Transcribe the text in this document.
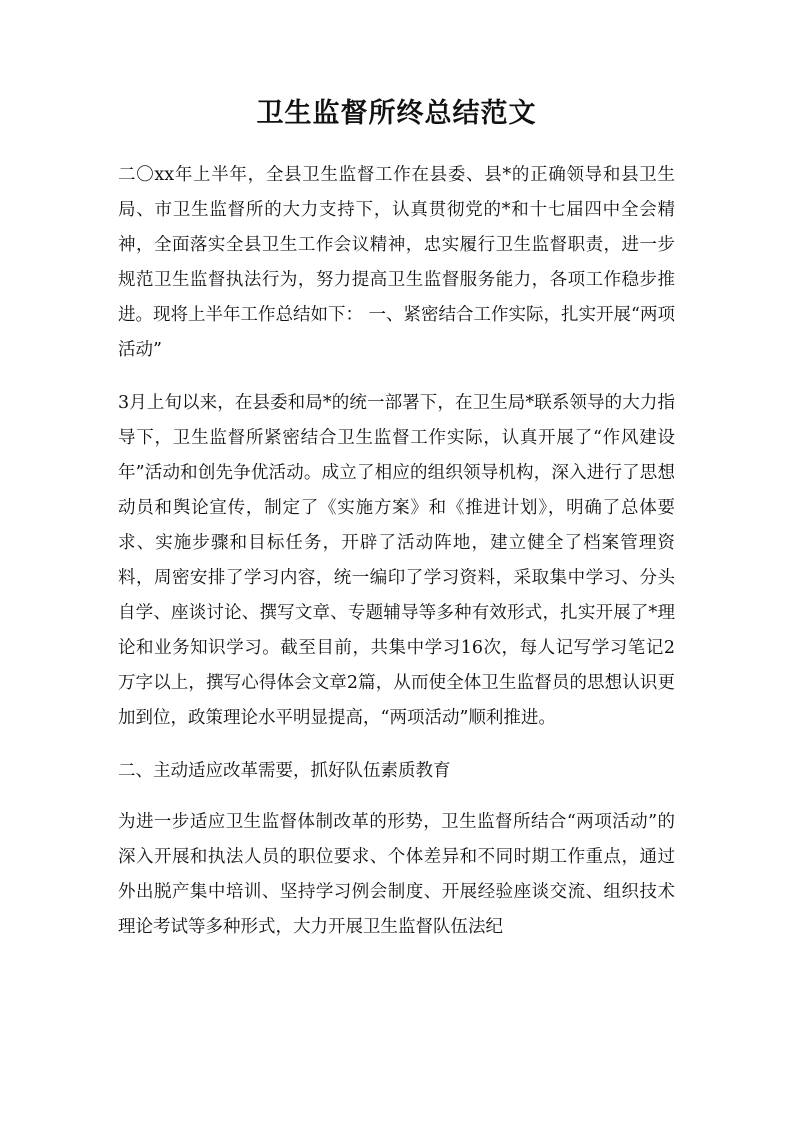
卫生监督所终总结范文

二〇xx年上半年，全县卫生监督工作在县委、县*的正确领导和县卫生局、市卫生监督所的大力支持下，认真贯彻党的*和十七届四中全会精神，全面落实全县卫生工作会议精神，忠实履行卫生监督职责，进一步规范卫生监督执法行为，努力提高卫生监督服务能力，各项工作稳步推进。现将上半年工作总结如下： 一、紧密结合工作实际，扎实开展“两项活动”

3月上旬以来，在县委和局*的统一部署下，在卫生局*联系领导的大力指导下，卫生监督所紧密结合卫生监督工作实际，认真开展了“作风建设年”活动和创先争优活动。成立了相应的组织领导机构，深入进行了思想动员和舆论宣传，制定了《实施方案》和《推进计划》，明确了总体要求、实施步骤和目标任务，开辟了活动阵地，建立健全了档案管理资料，周密安排了学习内容，统一编印了学习资料，采取集中学习、分头自学、座谈讨论、撰写文章、专题辅导等多种有效形式，扎实开展了*理论和业务知识学习。截至目前，共集中学习16次，每人记写学习笔记2万字以上，撰写心得体会文章2篇，从而使全体卫生监督员的思想认识更加到位，政策理论水平明显提高，“两项活动”顺利推进。

二、主动适应改革需要，抓好队伍素质教育

为进一步适应卫生监督体制改革的形势，卫生监督所结合“两项活动”的深入开展和执法人员的职位要求、个体差异和不同时期工作重点，通过外出脱产集中培训、坚持学习例会制度、开展经验座谈交流、组织技术理论考试等多种形式，大力开展卫生监督队伍法纪
